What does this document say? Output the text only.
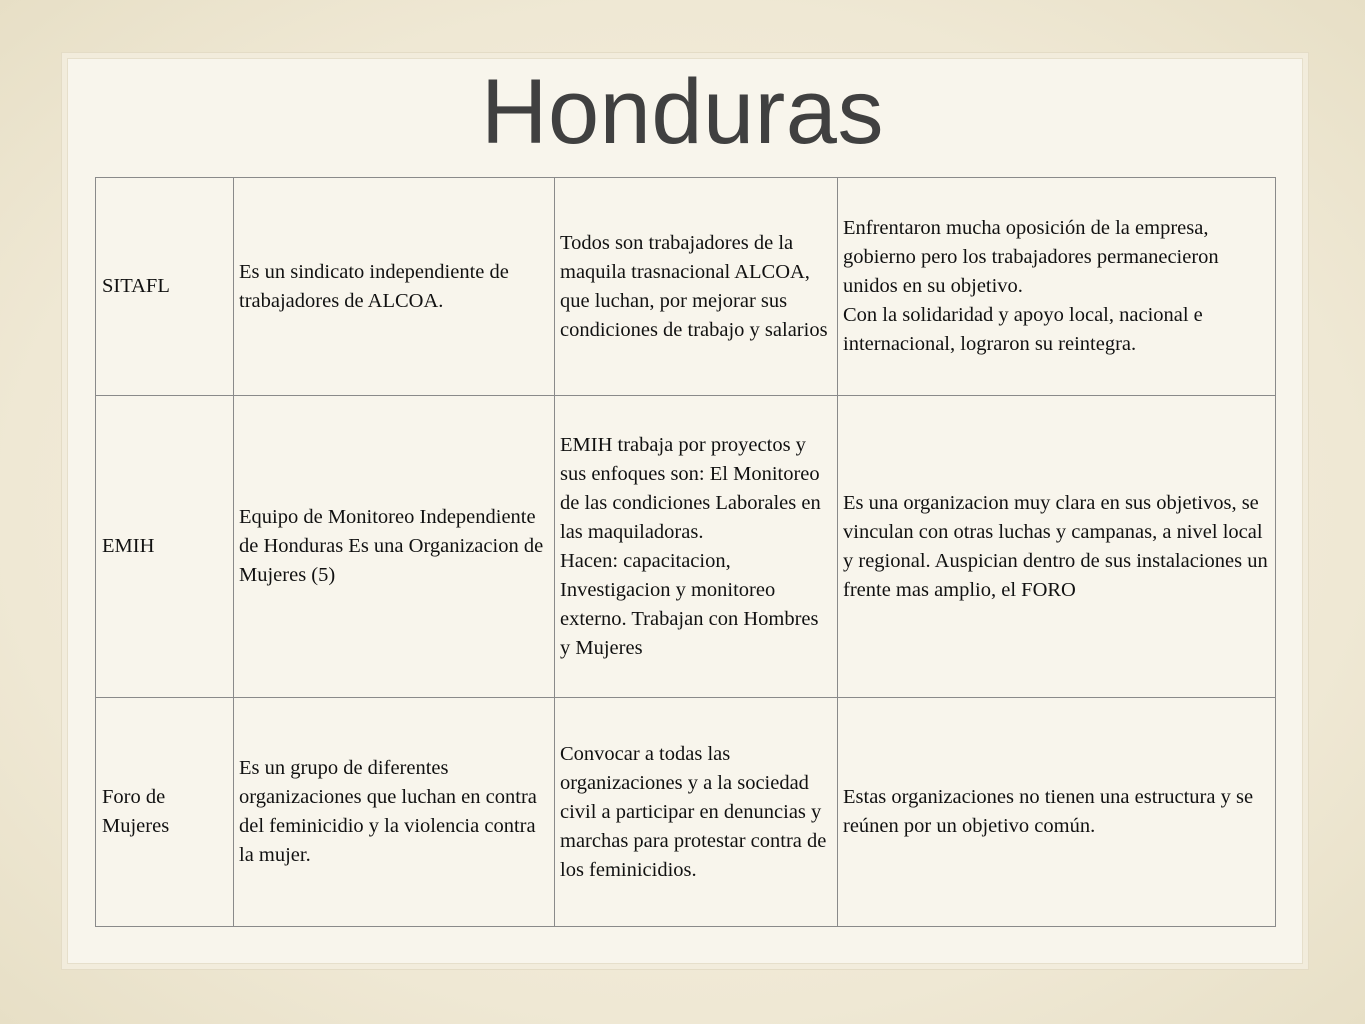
Honduras
SITAFL	Es un sindicato independiente de trabajadores de ALCOA.	Todos son trabajadores de la maquila trasnacional ALCOA, que luchan, por mejorar sus condiciones de trabajo y salarios	Enfrentaron mucha oposición de la empresa, gobierno pero los trabajadores permanecieron unidos en su objetivo.
Con la solidaridad y apoyo local, nacional e internacional, lograron su reintegra.
EMIH	Equipo de Monitoreo Independiente de Honduras Es una Organizacion de Mujeres (5)	EMIH trabaja por proyectos y sus enfoques son: El Monitoreo de las condiciones Laborales en las maquiladoras.
Hacen: capacitacion, Investigacion y monitoreo externo. Trabajan con Hombres y Mujeres	Es una organizacion muy clara en sus objetivos, se vinculan con otras luchas y campanas, a nivel local y regional. Auspician dentro de sus instalaciones un frente mas amplio, el FORO
Foro de Mujeres	Es un grupo de diferentes organizaciones que luchan en contra del feminicidio y la violencia contra la mujer.	Convocar a todas las organizaciones y a la sociedad civil a participar en denuncias y marchas para protestar contra de los feminicidios.	Estas organizaciones no tienen una estructura y se reúnen por un objetivo común.
